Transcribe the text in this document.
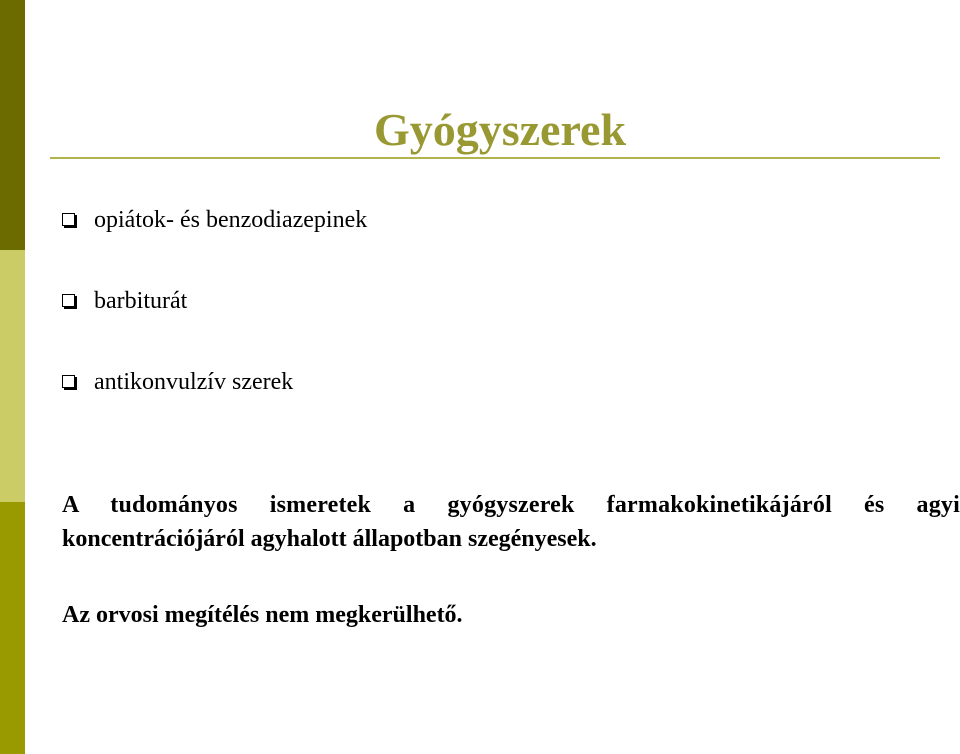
Gyógyszerek
opiátok- és benzodiazepinek
barbiturát
antikonvulzív szerek
A tudományos ismeretek a gyógyszerek farmakokinetikájáról és agyi
koncentrációjáról agyhalott állapotban szegényesek.
Az orvosi megítélés nem megkerülhető.
